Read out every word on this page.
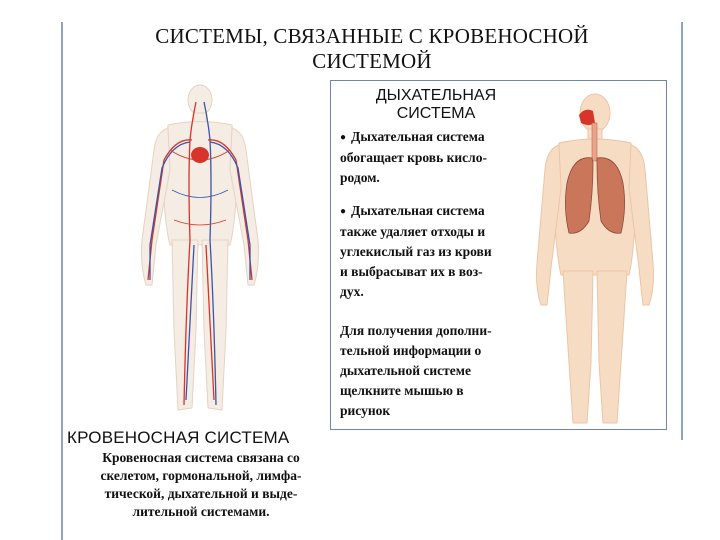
СИСТЕМЫ, СВЯЗАННЫЕ С КРОВЕНОСНОЙ
СИСТЕМОЙ
ДЫХАТЕЛЬНАЯ
СИСТЕМА
● Дыхательная система
обогащает кровь кисло-
родом.
● Дыхательная система
также удаляет отходы и
углекислый газ из крови
и выбрасыват их в воз-
дух.
Для получения дополни-
тельной информации о
дыхательной системе
щелкните мышью в
рисунок
КРОВЕНОСНАЯ СИСТЕМА
Кровеносная система связана со
скелетом, гормональной, лимфа-
тической, дыхательной и выде-
лительной системами.
